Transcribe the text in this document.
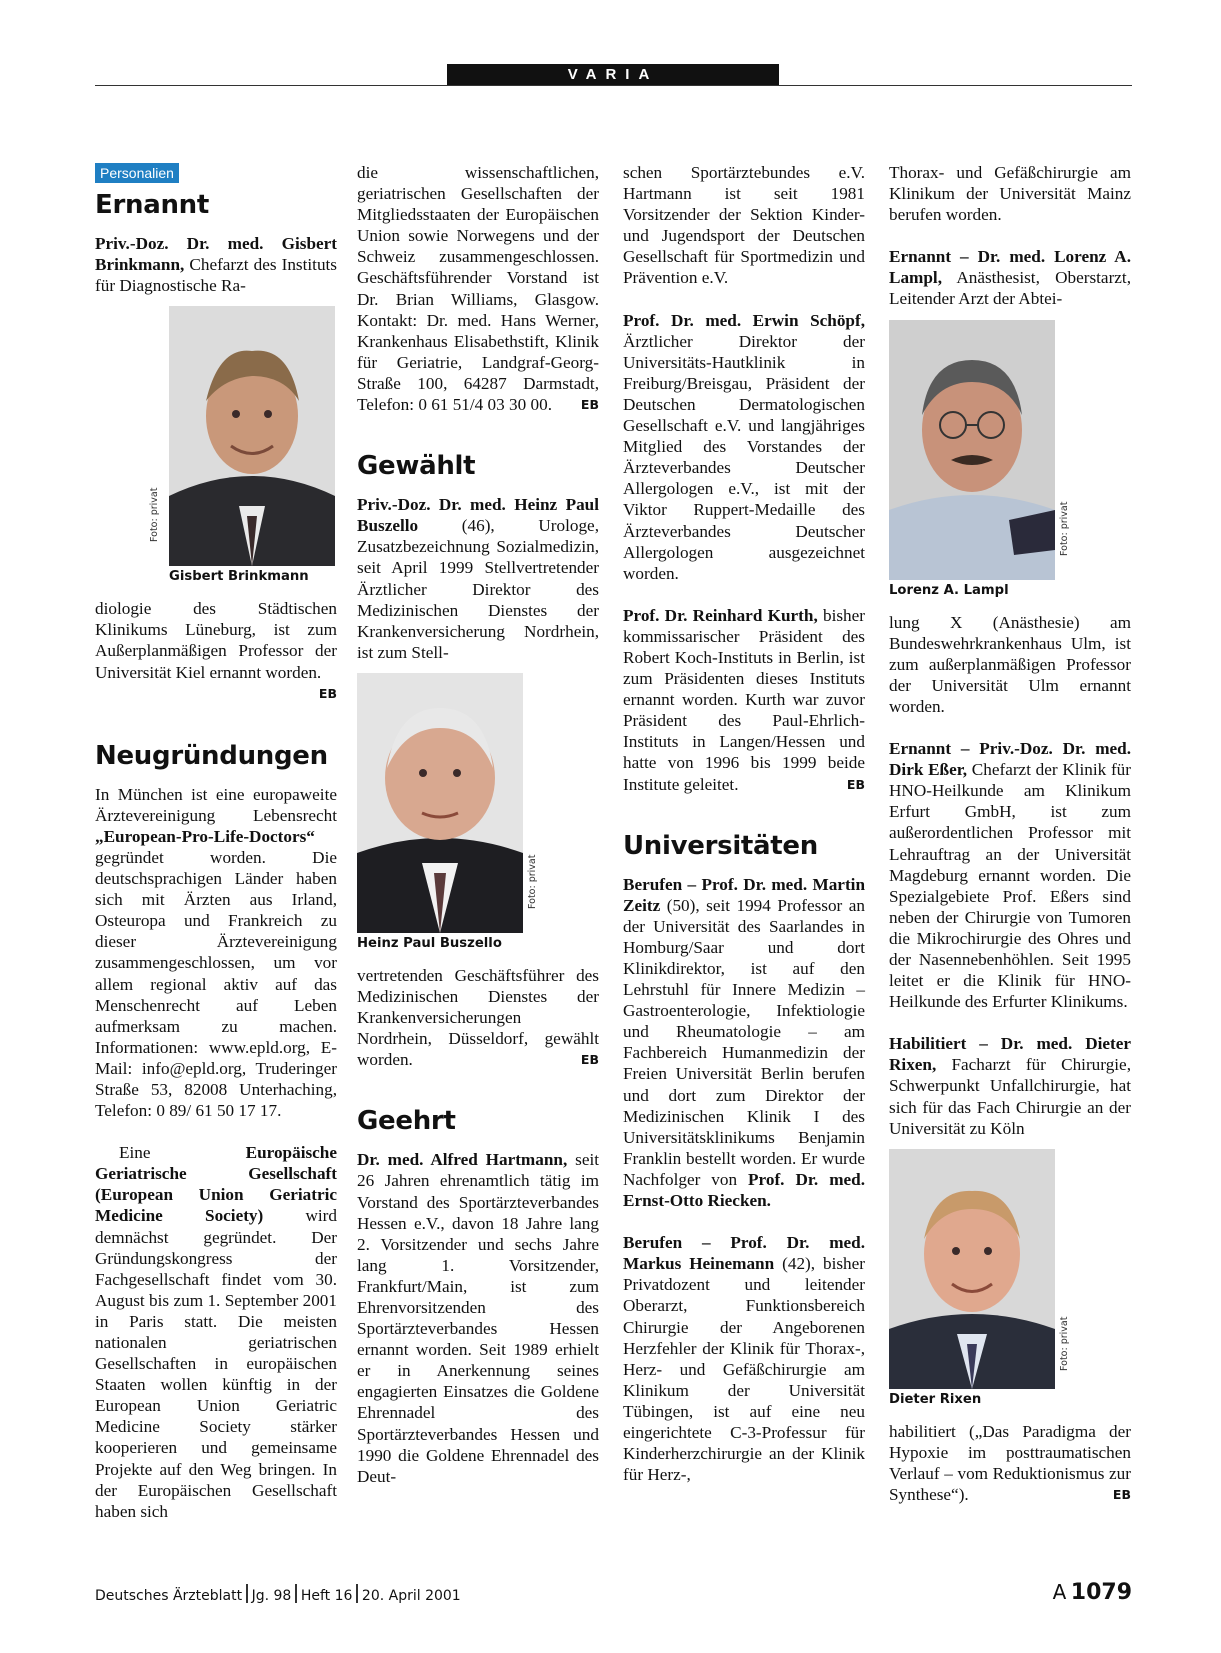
VARIA
Personalien
Ernannt

Priv.-Doz. Dr. med. Gisbert Brinkmann, Chefarzt des Instituts für Diagnostische Ra-

Foto: privat
Gisbert Brinkmann

diologie des Städtischen Klinikums Lüneburg, ist zum Außerplanmäßigen Professor der Universität Kiel ernannt worden.
EB

Neugründungen

In München ist eine europaweite Ärztevereinigung Lebensrecht „European-Pro-Life-Doctors“ gegründet worden. Die deutschsprachigen Länder haben sich mit Ärzten aus Irland, Osteuropa und Frankreich zu dieser Ärztevereinigung zusammengeschlossen, um vor allem regional aktiv auf das Menschenrecht auf Leben aufmerksam zu machen. Informationen: www.epld.org, E-Mail: info@epld.org, Truderinger Straße 53, 82008 Unterhaching, Telefon: 0 89/ 61 50 17 17.

Eine Europäische Geriatrische Gesellschaft (European Union Geriatric Medicine Society) wird demnächst gegründet. Der Gründungskongress der Fachgesellschaft findet vom 30. August bis zum 1. September 2001 in Paris statt. Die meisten nationalen geriatrischen Gesellschaften in europäischen Staaten wollen künftig in der European Union Geriatric Medicine Society stärker kooperieren und gemeinsame Projekte auf den Weg bringen. In der Europäischen Gesellschaft haben sich

die wissenschaftlichen, geriatrischen Gesellschaften der Mitgliedsstaaten der Europäischen Union sowie Norwegens und der Schweiz zusammengeschlossen. Geschäftsführender Vorstand ist Dr. Brian Williams, Glasgow. Kontakt: Dr. med. Hans Werner, Krankenhaus Elisabethstift, Klinik für Geriatrie, Landgraf-Georg-Straße 100, 64287 Darmstadt, Telefon: 0 61 51/4 03 30 00. EB

Gewählt

Priv.-Doz. Dr. med. Heinz Paul Buszello (46), Urologe, Zusatzbezeichnung Sozialmedizin, seit April 1999 Stellvertretender Ärztlicher Direktor des Medizinischen Dienstes der Krankenversicherung Nordrhein, ist zum Stell-

Foto: privat
Heinz Paul Buszello

vertretenden Geschäftsführer des Medizinischen Dienstes der Krankenversicherungen Nordrhein, Düsseldorf, gewählt worden.	EB

Geehrt

Dr. med. Alfred Hartmann, seit 26 Jahren ehrenamtlich tätig im Vorstand des Sportärzteverbandes Hessen e.V., davon 18 Jahre lang 2. Vorsitzender und sechs Jahre lang 1. Vorsitzender, Frankfurt/Main, ist zum Ehrenvorsitzenden des Sportärzteverbandes Hessen ernannt worden. Seit 1989 erhielt er in Anerkennung seines engagierten Einsatzes die Goldene Ehrennadel des Sportärzteverbandes Hessen und 1990 die Goldene Ehrennadel des Deut-

schen Sportärztebundes e.V. Hartmann ist seit 1981 Vorsitzender der Sektion Kinder- und Jugendsport der Deutschen Gesellschaft für Sportmedizin und Prävention e.V.

Prof. Dr. med. Erwin Schöpf, Ärztlicher Direktor der Universitäts-Hautklinik in Freiburg/Breisgau, Präsident der Deutschen Dermatologischen Gesellschaft e.V. und langjähriges Mitglied des Vorstandes der Ärzteverbandes Deutscher Allergologen e.V., ist mit der Viktor Ruppert-Medaille des Ärzteverbandes Deutscher Allergologen ausgezeichnet worden.

Prof. Dr. Reinhard Kurth, bisher kommissarischer Präsident des Robert Koch-Instituts in Berlin, ist zum Präsidenten dieses Instituts ernannt worden. Kurth war zuvor Präsident des Paul-Ehrlich-Instituts in Langen/Hessen und hatte von 1996 bis 1999 beide Institute geleitet.	EB

Universitäten

Berufen – Prof. Dr. med. Martin Zeitz (50), seit 1994 Professor an der Universität des Saarlandes in Homburg/Saar und dort Klinikdirektor, ist auf den Lehrstuhl für Innere Medizin – Gastroenterologie, Infektiologie und Rheumatologie – am Fachbereich Humanmedizin der Freien Universität Berlin berufen und dort zum Direktor der Medizinischen Klinik I des Universitätsklinikums Benjamin Franklin bestellt worden. Er wurde Nachfolger von Prof. Dr. med. Ernst-Otto Riecken.

Berufen – Prof. Dr. med. Markus Heinemann (42), bisher Privatdozent und leitender Oberarzt, Funktionsbereich Chirurgie der Angeborenen Herzfehler der Klinik für Thorax-, Herz- und Gefäßchirurgie am Klinikum der Universität Tübingen, ist auf eine neu eingerichtete C-3-Professur für Kinderherzchirurgie an der Klinik für Herz-,

Thorax- und Gefäßchirurgie am Klinikum der Universität Mainz berufen worden.

Ernannt – Dr. med. Lorenz A. Lampl, Anästhesist, Oberstarzt, Leitender Arzt der Abtei-

Foto: privat
Lorenz A. Lampl

lung X (Anästhesie) am Bundeswehrkrankenhaus Ulm, ist zum außerplanmäßigen Professor der Universität Ulm ernannt worden.

Ernannt – Priv.-Doz. Dr. med. Dirk Eßer, Chefarzt der Klinik für HNO-Heilkunde am Klinikum Erfurt GmbH, ist zum außerordentlichen Professor mit Lehrauftrag an der Universität Magdeburg ernannt worden. Die Spezialgebiete Prof. Eßers sind neben der Chirurgie von Tumoren die Mikrochirurgie des Ohres und der Nasennebenhöhlen. Seit 1995 leitet er die Klinik für HNO-Heilkunde des Erfurter Klinikums.

Habilitiert – Dr. med. Dieter Rixen, Facharzt für Chirurgie, Schwerpunkt Unfallchirurgie, hat sich für das Fach Chirurgie an der Universität zu Köln

Foto: privat
Dieter Rixen

habilitiert („Das Paradigma der Hypoxie im posttraumatischen Verlauf – vom Reduktionismus zur Synthese“).	EB

Deutsches Ärzteblatt Jg. 98 Heft 16 20. April 2001	A 1079
